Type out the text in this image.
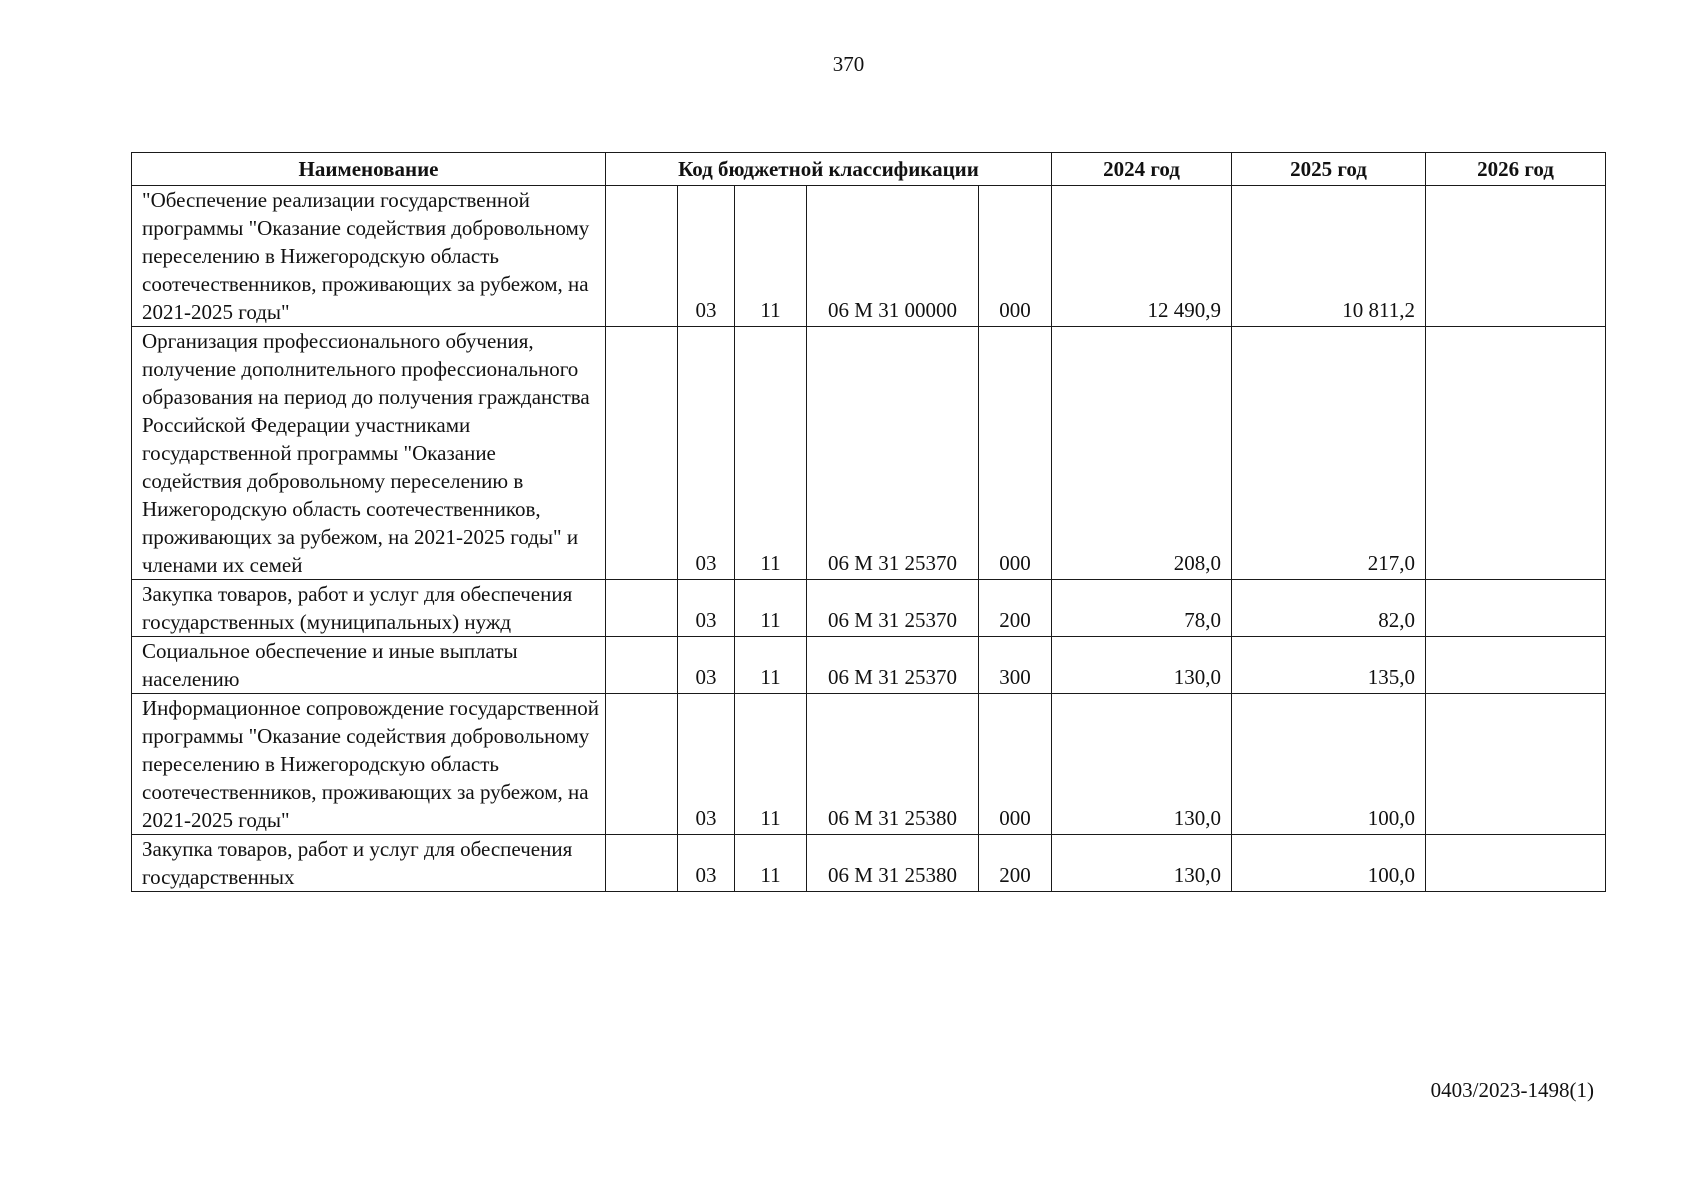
370
Наименование	Код бюджетной классификации					2024 год	2025 год	2026 год
"Обеспечение реализации государственной программы "Оказание содействия добровольному переселению в Нижегородскую область соотечественников, проживающих за рубежом, на 2021-2025 годы"		03	11	06 М 31 00000	000	12 490,9	10 811,2	
Организация профессионального обучения, получение дополнительного профессионального образования на период до получения гражданства Российской Федерации участниками государственной программы "Оказание содействия добровольному переселению в Нижегородскую область соотечественников, проживающих за рубежом, на 2021-2025 годы" и членами их семей		03	11	06 М 31 25370	000	208,0	217,0	
Закупка товаров, работ и услуг для обеспечения государственных (муниципальных) нужд		03	11	06 М 31 25370	200	78,0	82,0	
Социальное обеспечение и иные выплаты населению		03	11	06 М 31 25370	300	130,0	135,0	
Информационное сопровождение государственной программы "Оказание содействия добровольному переселению в Нижегородскую область соотечественников, проживающих за рубежом, на 2021-2025 годы"		03	11	06 М 31 25380	000	130,0	100,0	
Закупка товаров, работ и услуг для обеспечения государственных		03	11	06 М 31 25380	200	130,0	100,0	
0403/2023-1498(1)
